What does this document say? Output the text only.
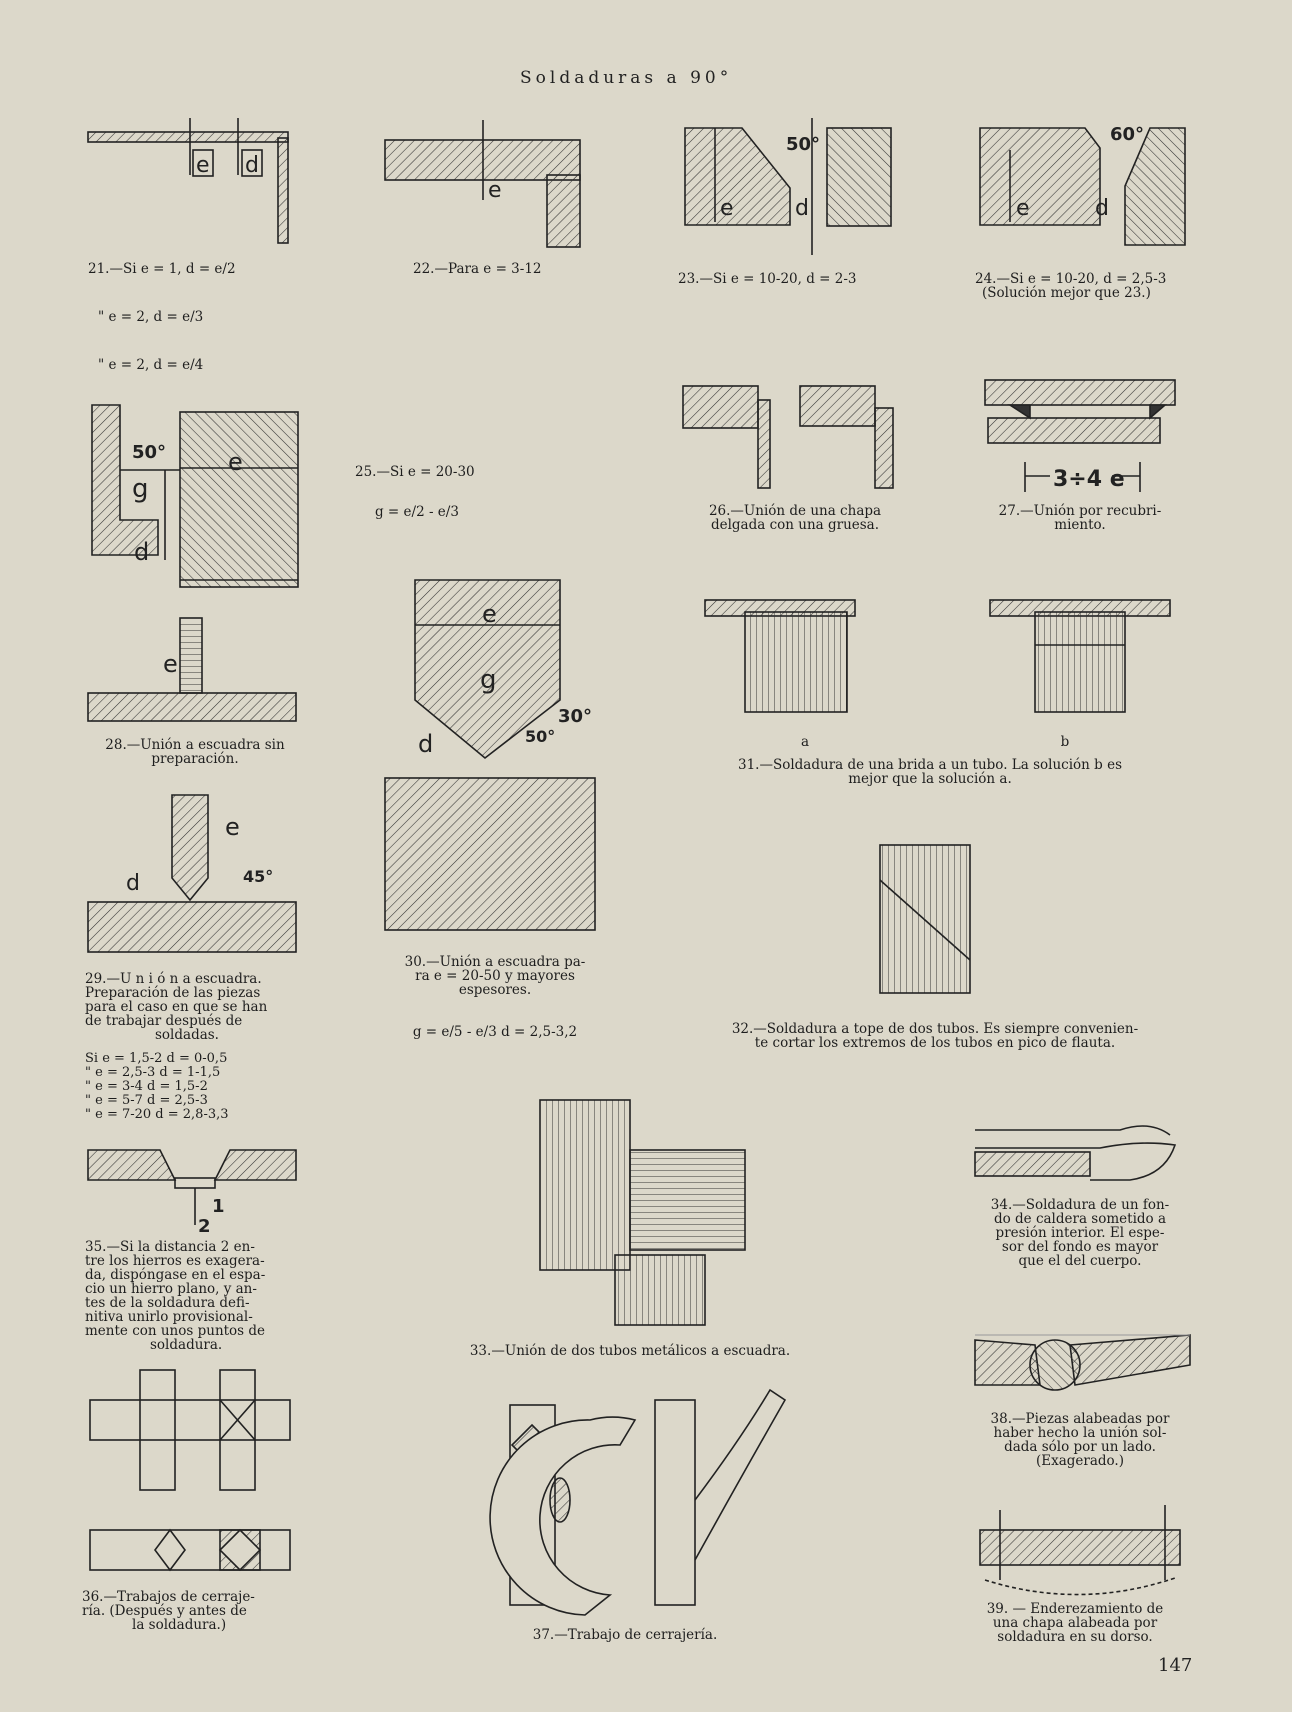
Soldaduras a 90°
e d
e
e	d
50°
e	d
60°
e
50°
g
d
3÷4 e
e
e
d	45°
e
g
30°
50°
d
1
2
21.—Si e = 1, d = e/2
" e = 2, d = e/3
" e = 2, d = e/4
22.—Para e = 3-12
23.—Si e = 10-20, d = 2-3	24.—Si e = 10-20, d = 2,5-3
(Solución mejor que 23.)
25.—Si e = 20-30
g = e/2 - e/3	26.—Unión de una chapa
delgada con una gruesa.
27.—Unión por recubri-
miento.
28.—Unión a escuadra sin
preparación.
a	b
31.—Soldadura de una brida a un tubo. La solución b es
mejor que la solución a.
29.—U n i ó n a escuadra.
Preparación de las piezas
para el caso en que se han
de trabajar después de
soldadas.
30.—Unión a escuadra pa-
ra e = 20-50 y mayores
espesores.
g = e/5 - e/3 d = 2,5-3,2	32.—Soldadura a tope de dos tubos. Es siempre convenien-
te cortar los extremos de los tubos en pico de flauta.
Si e = 1,5-2 d = 0-0,5
" e = 2,5-3 d = 1-1,5
" e = 3-4 d = 1,5-2
" e = 5-7 d = 2,5-3
" e = 7-20 d = 2,8-3,3
34.—Soldadura de un fon-
do de caldera sometido a
presión interior. El espe-
sor del fondo es mayor
que el del cuerpo.
35.—Si la distancia 2 en-
tre los hierros es exagera-
da, dispóngase en el espa-
cio un hierro plano, y an-
tes de la soldadura defi-
nitiva unirlo provisional-
mente con unos puntos de
soldadura.	33.—Unión de dos tubos metálicos a escuadra.
38.—Piezas alabeadas por
haber hecho la unión sol-
dada sólo por un lado.
(Exagerado.)
36.—Trabajos de cerraje-
ría. (Después y antes de
la soldadura.)
37.—Trabajo de cerrajería.
39. — Enderezamiento de
una chapa alabeada por
soldadura en su dorso.
147
